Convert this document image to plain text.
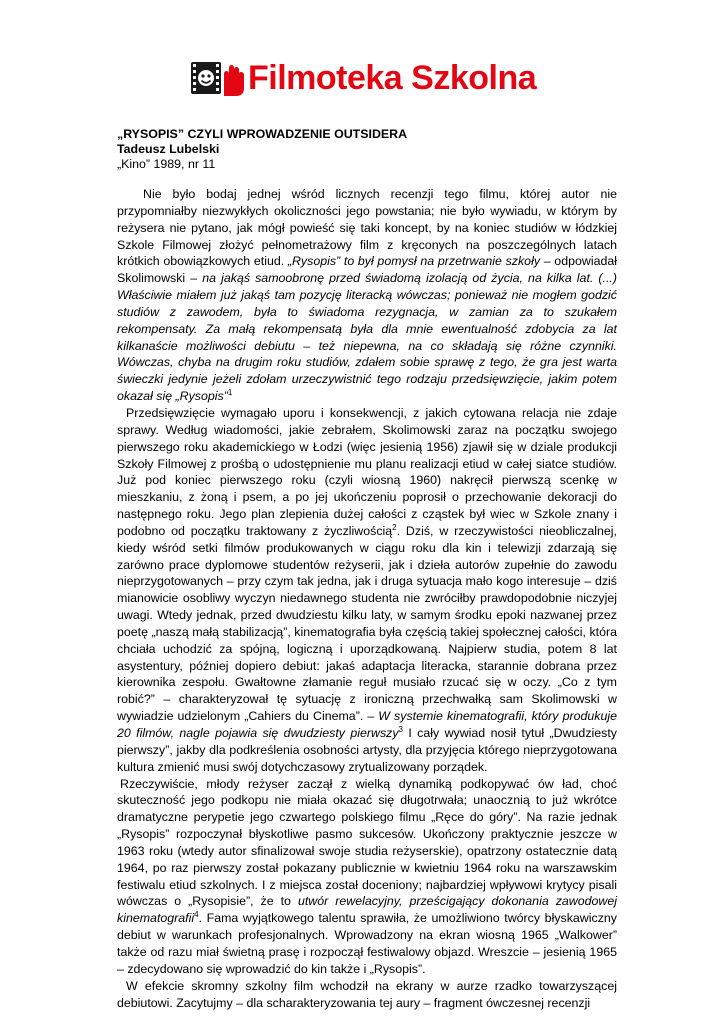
Filmoteka Szkolna
„RYSOPIS” CZYLI WPROWADZENIE OUTSIDERA
Tadeusz Lubelski
„Kino” 1989, nr 11

Nie było bodaj jednej wśród licznych recenzji tego filmu, której autor nie przypomniałby niezwykłych okoliczności jego powstania; nie było wywiadu, w którym by reżysera nie pytano, jak mógł powieść się taki koncept, by na koniec studiów w łódzkiej Szkole Filmowej złożyć pełnometrażowy film z kręconych na poszczególnych latach krótkich obowiązkowych etiud. „Rysopis” to był pomysł na przetrwanie szkoły – odpowiadał Skolimowski – na jakąś samoobronę przed świadomą izolacją od życia, na kilka lat. (...) Właściwie miałem już jakąś tam pozycję literacką wówczas; ponieważ nie mogłem godzić studiów z zawodem, była to świadoma rezygnacja, w zamian za to szukałem rekompensaty. Za małą rekompensatą była dla mnie ewentualność zdobycia za lat kilkanaście możliwości debiutu – też niepewna, na co składają się różne czynniki. Wówczas, chyba na drugim roku studiów, zdałem sobie sprawę z tego, że gra jest warta świeczki jedynie jeżeli zdołam urzeczywistnić tego rodzaju przedsięwzięcie, jakim potem okazał się „Rysopis”$^1$

Przedsięwzięcie wymagało uporu i konsekwencji, z jakich cytowana relacja nie zdaje sprawy. Według wiadomości, jakie zebrałem, Skolimowski zaraz na początku swojego pierwszego roku akademickiego w Łodzi (więc jesienią 1956) zjawił się w dziale produkcji Szkoły Filmowej z prośbą o udostępnienie mu planu realizacji etiud w całej siatce studiów. Już pod koniec pierwszego roku (czyli wiosną 1960) nakręcił pierwszą scenkę w mieszkaniu, z żoną i psem, a po jej ukończeniu poprosił o przechowanie dekoracji do następnego roku. Jego plan zlepienia dużej całości z cząstek był wiec w Szkole znany i podobno od początku traktowany z życzliwością$^2$. Dziś, w rzeczywistości nieobliczalnej, kiedy wśród setki filmów produkowanych w ciągu roku dla kin i telewizji zdarzają się zarówno prace dyplomowe studentów reżyserii, jak i dzieła autorów zupełnie do zawodu nieprzygotowanych – przy czym tak jedna, jak i druga sytuacja mało kogo interesuje – dziś mianowicie osobliwy wyczyn niedawnego studenta nie zwróciłby prawdopodobnie niczyjej uwagi. Wtedy jednak, przed dwudziestu kilku laty, w samym środku epoki nazwanej przez poetę „naszą małą stabilizacją”, kinematografia była częścią takiej społecznej całości, która chciała uchodzić za spójną, logiczną i uporządkowaną. Najpierw studia, potem 8 lat asystentury, później dopiero debiut: jakaś adaptacja literacka, starannie dobrana przez kierownika zespołu. Gwałtowne złamanie reguł musiało rzucać się w oczy. „Co z tym robić?” – charakteryzował tę sytuację z ironiczną przechwałką sam Skolimowski w wywiadzie udzielonym „Cahiers du Cinema”. – W systemie kinematografii, który produkuje 20 filmów, nagle pojawia się dwudziesty pierwszy$^3$ I cały wywiad nosił tytuł „Dwudziesty pierwszy”, jakby dla podkreślenia osobności artysty, dla przyjęcia którego nieprzygotowana kultura zmienić musi swój dotychczasowy zrytualizowany porządek.

Rzeczywiście, młody reżyser zaczął z wielką dynamiką podkopywać ów ład, choć skuteczność jego podkopu nie miała okazać się długotrwała; unaocznią to już wkrótce dramatyczne perypetie jego czwartego polskiego filmu „Ręce do góry”. Na razie jednak „Rysopis” rozpoczynał błyskotliwe pasmo sukcesów. Ukończony praktycznie jeszcze w 1963 roku (wtedy autor sfinalizował swoje studia reżyserskie), opatrzony ostatecznie datą 1964, po raz pierwszy został pokazany publicznie w kwietniu 1964 roku na warszawskim festiwalu etiud szkolnych. I z miejsca został doceniony; najbardziej wpływowi krytycy pisali wówczas o „Rysopisie”, że to utwór rewelacyjny, prześcigający dokonania zawodowej kinematografii$^4$. Fama wyjątkowego talentu sprawiła, że umożliwiono twórcy błyskawiczny debiut w warunkach profesjonalnych. Wprowadzony na ekran wiosną 1965 „Walkower” także od razu miał świetną prasę i rozpoczął festiwalowy objazd. Wreszcie – jesienią 1965 – zdecydowano się wprowadzić do kin także i „Rysopis”.

W efekcie skromny szkolny film wchodził na ekrany w aurze rzadko towarzyszącej debiutowi. Zacytujmy – dla scharakteryzowania tej aury – fragment ówczesnej recenzji
